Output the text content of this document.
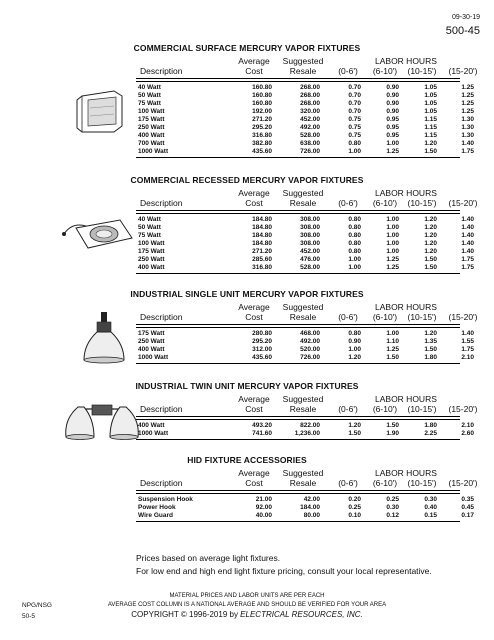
09-30-19
500-45
COMMERCIAL SURFACE MERCURY VAPOR FIXTURES
Average
Cost
Suggested
Resale
LABOR HOURS
(0-6')	(6-10')	(10-15')	(15-20')
Description
40 Watt	160.80	268.00	0.70	0.90	1.05	1.25
50 Watt	160.80	268.00	0.70	0.90	1.05	1.25
75 Watt	160.80	268.00	0.70	0.90	1.05	1.25
100 Watt	192.00	320.00	0.70	0.90	1.05	1.25
175 Watt	271.20	452.00	0.75	0.95	1.15	1.30
250 Watt	295.20	492.00	0.75	0.95	1.15	1.30
400 Watt	316.80	528.00	0.75	0.95	1.15	1.30
700 Watt	382.80	638.00	0.80	1.00	1.20	1.40
1000 Watt	435.60	726.00	1.00	1.25	1.50	1.75
COMMERCIAL RECESSED MERCURY VAPOR FIXTURES
Average
Cost
Suggested
Resale
LABOR HOURS
(0-6')	(6-10')	(10-15')	(15-20')
Description
40 Watt	184.80	308.00	0.80	1.00	1.20	1.40
50 Watt	184.80	308.00	0.80	1.00	1.20	1.40
75 Watt	184.80	308.00	0.80	1.00	1.20	1.40
100 Watt	184.80	308.00	0.80	1.00	1.20	1.40
175 Watt	271.20	452.00	0.80	1.00	1.20	1.40
250 Watt	285.60	476.00	1.00	1.25	1.50	1.75
400 Watt	316.80	528.00	1.00	1.25	1.50	1.75
INDUSTRIAL SINGLE UNIT MERCURY VAPOR FIXTURES
Average
Cost
Suggested
Resale
LABOR HOURS
(0-6')	(6-10')	(10-15')	(15-20')
Description
175 Watt	280.80	468.00	0.80	1.00	1.20	1.40
250 Watt	295.20	492.00	0.90	1.10	1.35	1.55
400 Watt	312.00	520.00	1.00	1.25	1.50	1.75
1000 Watt	435.60	726.00	1.20	1.50	1.80	2.10
INDUSTRIAL TWIN UNIT MERCURY VAPOR FIXTURES
Average
Cost
Suggested
Resale
LABOR HOURS
(0-6')	(6-10')	(10-15')	(15-20')
Description
400 Watt	493.20	822.00	1.20	1.50	1.80	2.10
1000 Watt	741.60	1,236.00	1.50	1.90	2.25	2.60
HID FIXTURE ACCESSORIES
Average
Cost
Suggested
Resale
LABOR HOURS
(0-6')	(6-10')	(10-15')	(15-20')
Description
Suspension Hook	21.00	42.00	0.20	0.25	0.30	0.35
Power Hook	92.00	184.00	0.25	0.30	0.40	0.45
Wire Guard	40.00	80.00	0.10	0.12	0.15	0.17
Prices based on average light fixtures.
For low end and high end light fixture pricing, consult your local representative.
MATERIAL PRICES AND LABOR UNITS ARE PER EACH
AVERAGE COST COLUMN IS A NATIONAL AVERAGE AND SHOULD BE VERIFIED FOR YOUR AREA
COPYRIGHT © 1996-2019 by ELECTRICAL RESOURCES, INC.
NPG/NSG
50-5
